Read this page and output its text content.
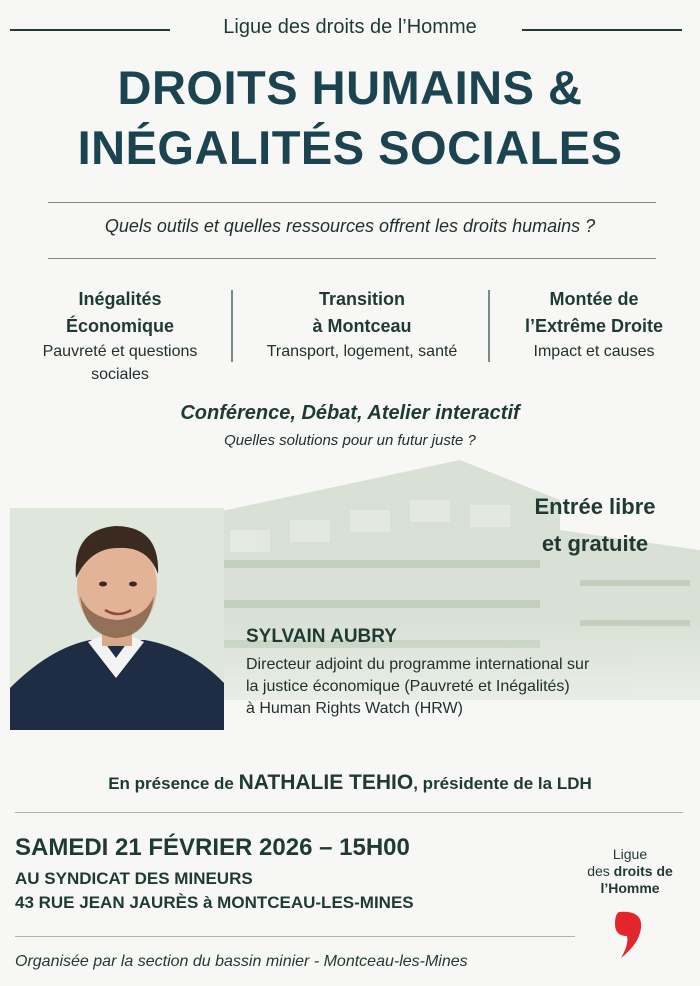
Ligue des droits de l’Homme
DROITS HUMAINS &
INÉGALITÉS SOCIALES
Quels outils et quelles ressources offrent les droits humains ?
Inégalités
Économique
Pauvreté et questions
sociales
Transition
à Montceau
Transport, logement, santé
Montée de
l’Extrême Droite
Impact et causes
Conférence, Débat, Atelier interactif
Quelles solutions pour un futur juste ?
Entrée libre
et gratuite
SYLVAIN AUBRY
Directeur adjoint du programme international sur
la justice économique (Pauvreté et Inégalités)
à Human Rights Watch (HRW)
En présence de NATHALIE TEHIO, présidente de la LDH
SAMEDI 21 FÉVRIER 2026 – 15H00
AU SYNDICAT DES MINEURS
43 RUE JEAN JAURÈS à MONTCEAU-LES-MINES
Ligue
des droits de
l’Homme
Organisée par la section du bassin minier - Montceau-les-Mines
